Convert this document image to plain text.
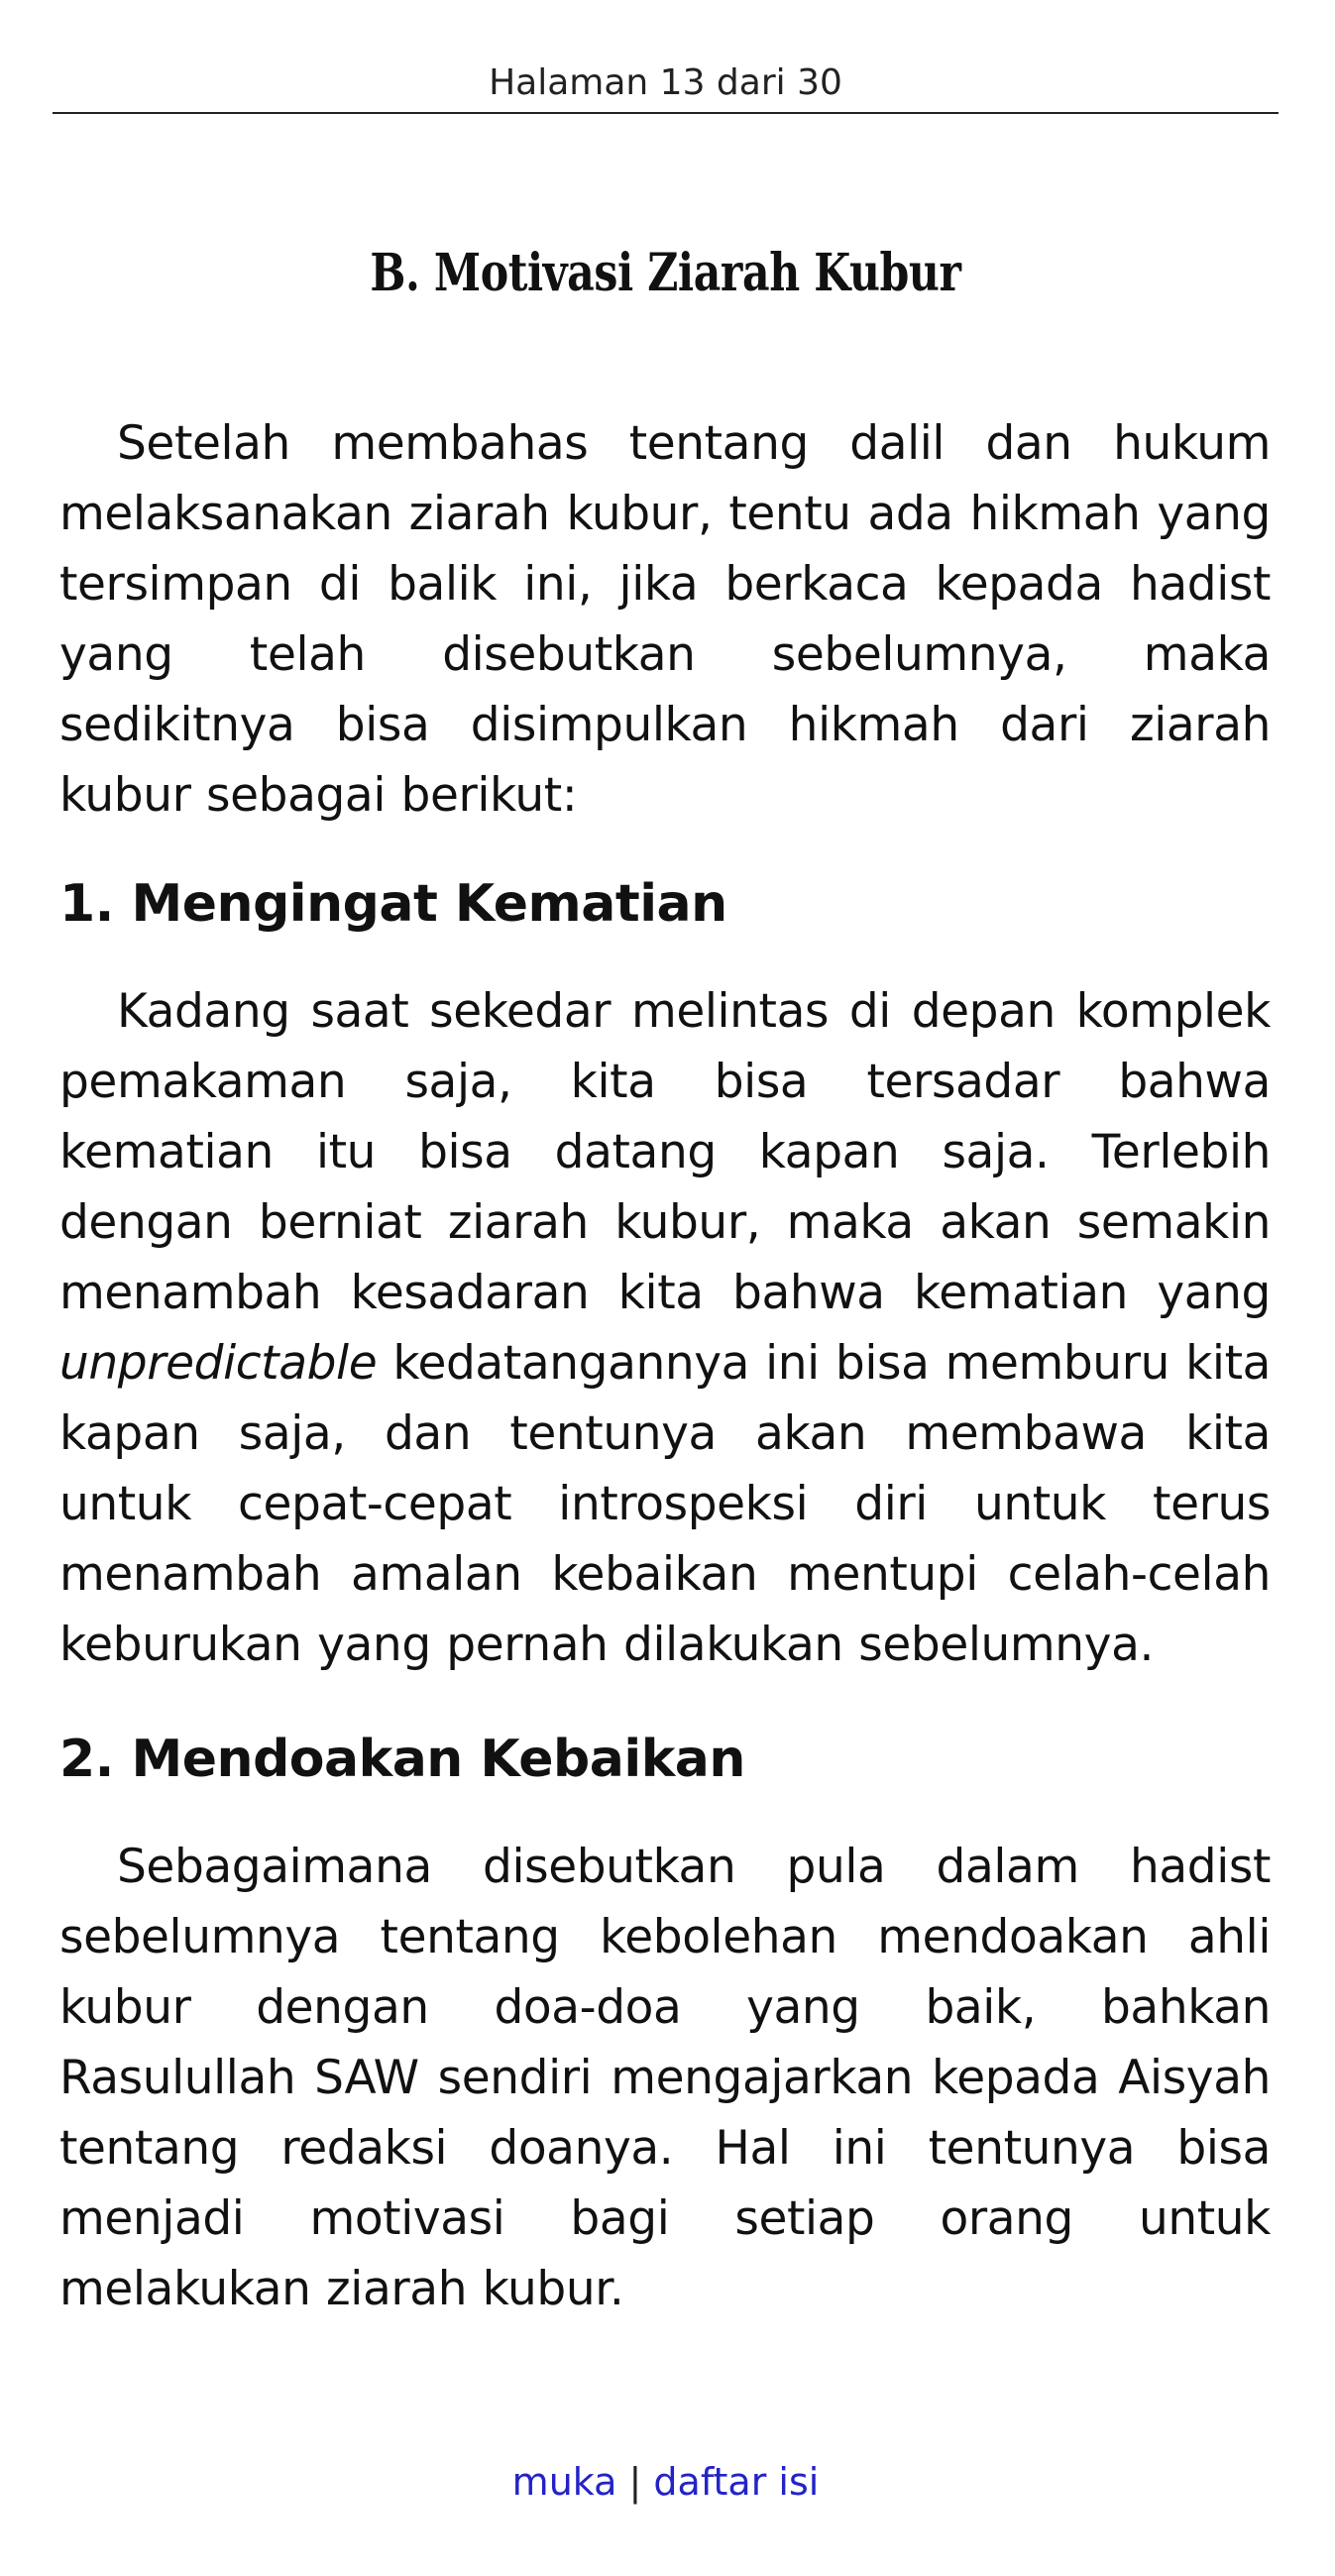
Halaman 13 dari 30
B. Motivasi Ziarah Kubur

Setelah membahas tentang dalil dan hukum melaksanakan ziarah kubur, tentu ada hikmah yang tersimpan di balik ini, jika berkaca kepada hadist yang telah disebutkan sebelumnya, maka sedikitnya bisa disimpulkan hikmah dari ziarah kubur sebagai berikut:

1. Mengingat Kematian

Kadang saat sekedar melintas di depan komplek pemakaman saja, kita bisa tersadar bahwa kematian itu bisa datang kapan saja. Terlebih dengan berniat ziarah kubur, maka akan semakin menambah kesadaran kita bahwa kematian yang unpredictable kedatangannya ini bisa memburu kita kapan saja, dan tentunya akan membawa kita untuk cepat-cepat introspeksi diri untuk terus menambah amalan kebaikan mentupi celah-celah keburukan yang pernah dilakukan sebelumnya.

2. Mendoakan Kebaikan

Sebagaimana disebutkan pula dalam hadist sebelumnya tentang kebolehan mendoakan ahli kubur dengan doa-doa yang baik, bahkan Rasulullah SAW sendiri mengajarkan kepada Aisyah tentang redaksi doanya. Hal ini tentunya bisa menjadi motivasi bagi setiap orang untuk melakukan ziarah kubur.

muka | daftar isi
